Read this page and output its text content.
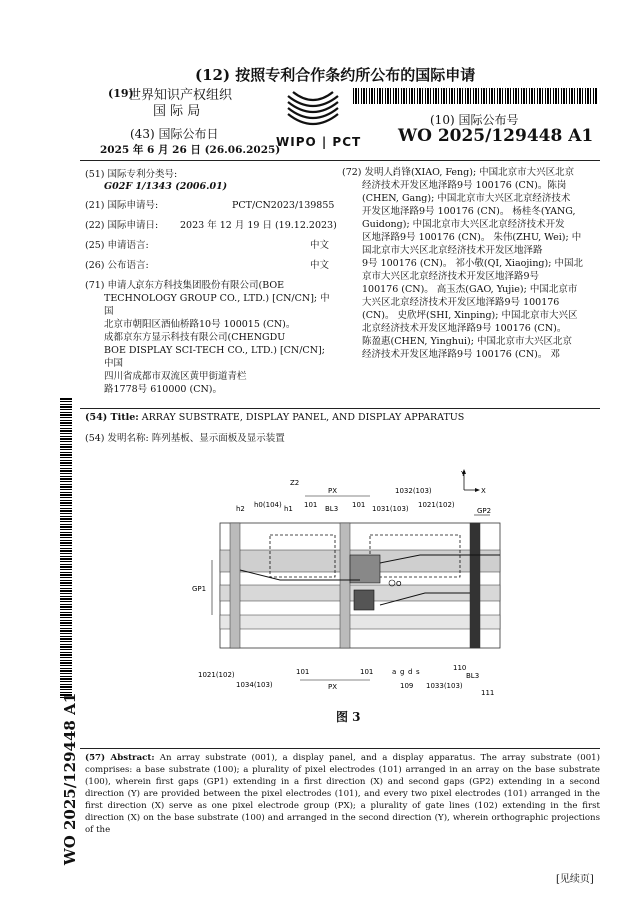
(12) 按照专利合作条约所公布的国际申请
(19)
世界知识产权组织
国 际 局
(43) 国际公布日
2025 年 6 月 26 日 (26.06.2025)
WIPO | PCT
(10) 国际公布号
WO 2025/129448 A1
(51) 国际专利分类号:
G02F 1/1343 (2006.01)
(21) 国际申请号:	PCT/CN2023/139855
(22) 国际申请日: 2023 年 12 月 19 日 (19.12.2023)
(25) 申请语言:	中文
(26) 公布语言:	中文
(71) 申请人:
京东方科技集团股份有限公司(BOE
TECHNOLOGY GROUP CO., LTD.) [CN/CN]; 中 国
北京市朝阳区酒仙桥路10号 100015 (CN)。
成都京东方显示科技有限公司(CHENGDU
BOE DISPLAY SCI-TECH CO., LTD.) [CN/CN]; 中国
四川省成都市双流区黄甲街道青栏
路1778号 610000 (CN)。
(72) 发明人:
肖锋(XIAO, Feng); 中国北京市大兴区北京
经济技术开发区地泽路9号 100176 (CN)。陈岗
(CHEN, Gang); 中国北京市大兴区北京经济技术
开发区地泽路9号 100176 (CN)。 杨桂冬(YANG,
Guidong); 中国北京市大兴区北京经济技术开发
区地泽路9号 100176 (CN)。 朱伟(ZHU, Wei); 中
国北京市大兴区北京经济技术开发区地泽路
9号 100176 (CN)。 祁小敬(QI, Xiaojing); 中国北
京市大兴区北京经济技术开发区地泽路9号
100176 (CN)。 高玉杰(GAO, Yujie); 中国北京市
大兴区北京经济技术开发区地泽路9号 100176
(CN)。 史欣坪(SHI, Xinping); 中国北京市大兴区
北京经济技术开发区地泽路9号 100176 (CN)。
陈盈惠(CHEN, Yinghui); 中国北京市大兴区北京
经济技术开发区地泽路9号 100176 (CN)。 邓
WO 2025/129448 A1
(54) Title: ARRAY SUBSTRATE, DISPLAY PANEL, AND DISPLAY APPARATUS
(54) 发明名称: 阵列基板、显示面板及显示装置
Y
X
O
GP2
GP1
Z2
PX
h2 h0(104) h1 101 BL3 101 1031(103)
1032(103)
1021(102)
1021(102)
1034(103)
101	101
PX
a g d s
109 1033(103)
110
BL3
111
图 3
(57) Abstract: An array substrate (001), a display panel, and a display apparatus. The array substrate (001) comprises: a base substrate (100); a plurality of pixel electrodes (101) arranged in an array on the base substrate (100), wherein first gaps (GP1) extending in a first direction (X) and second gaps (GP2) extending in a second direction (Y) are provided between the pixel electrodes (101), and every two pixel electrodes (101) arranged in the first direction (X) serve as one pixel electrode group (PX); a plurality of gate lines (102) extending in the first direction (X) on the base substrate (100) and arranged in the second direction (Y), wherein orthographic projections of the
[见续页]
